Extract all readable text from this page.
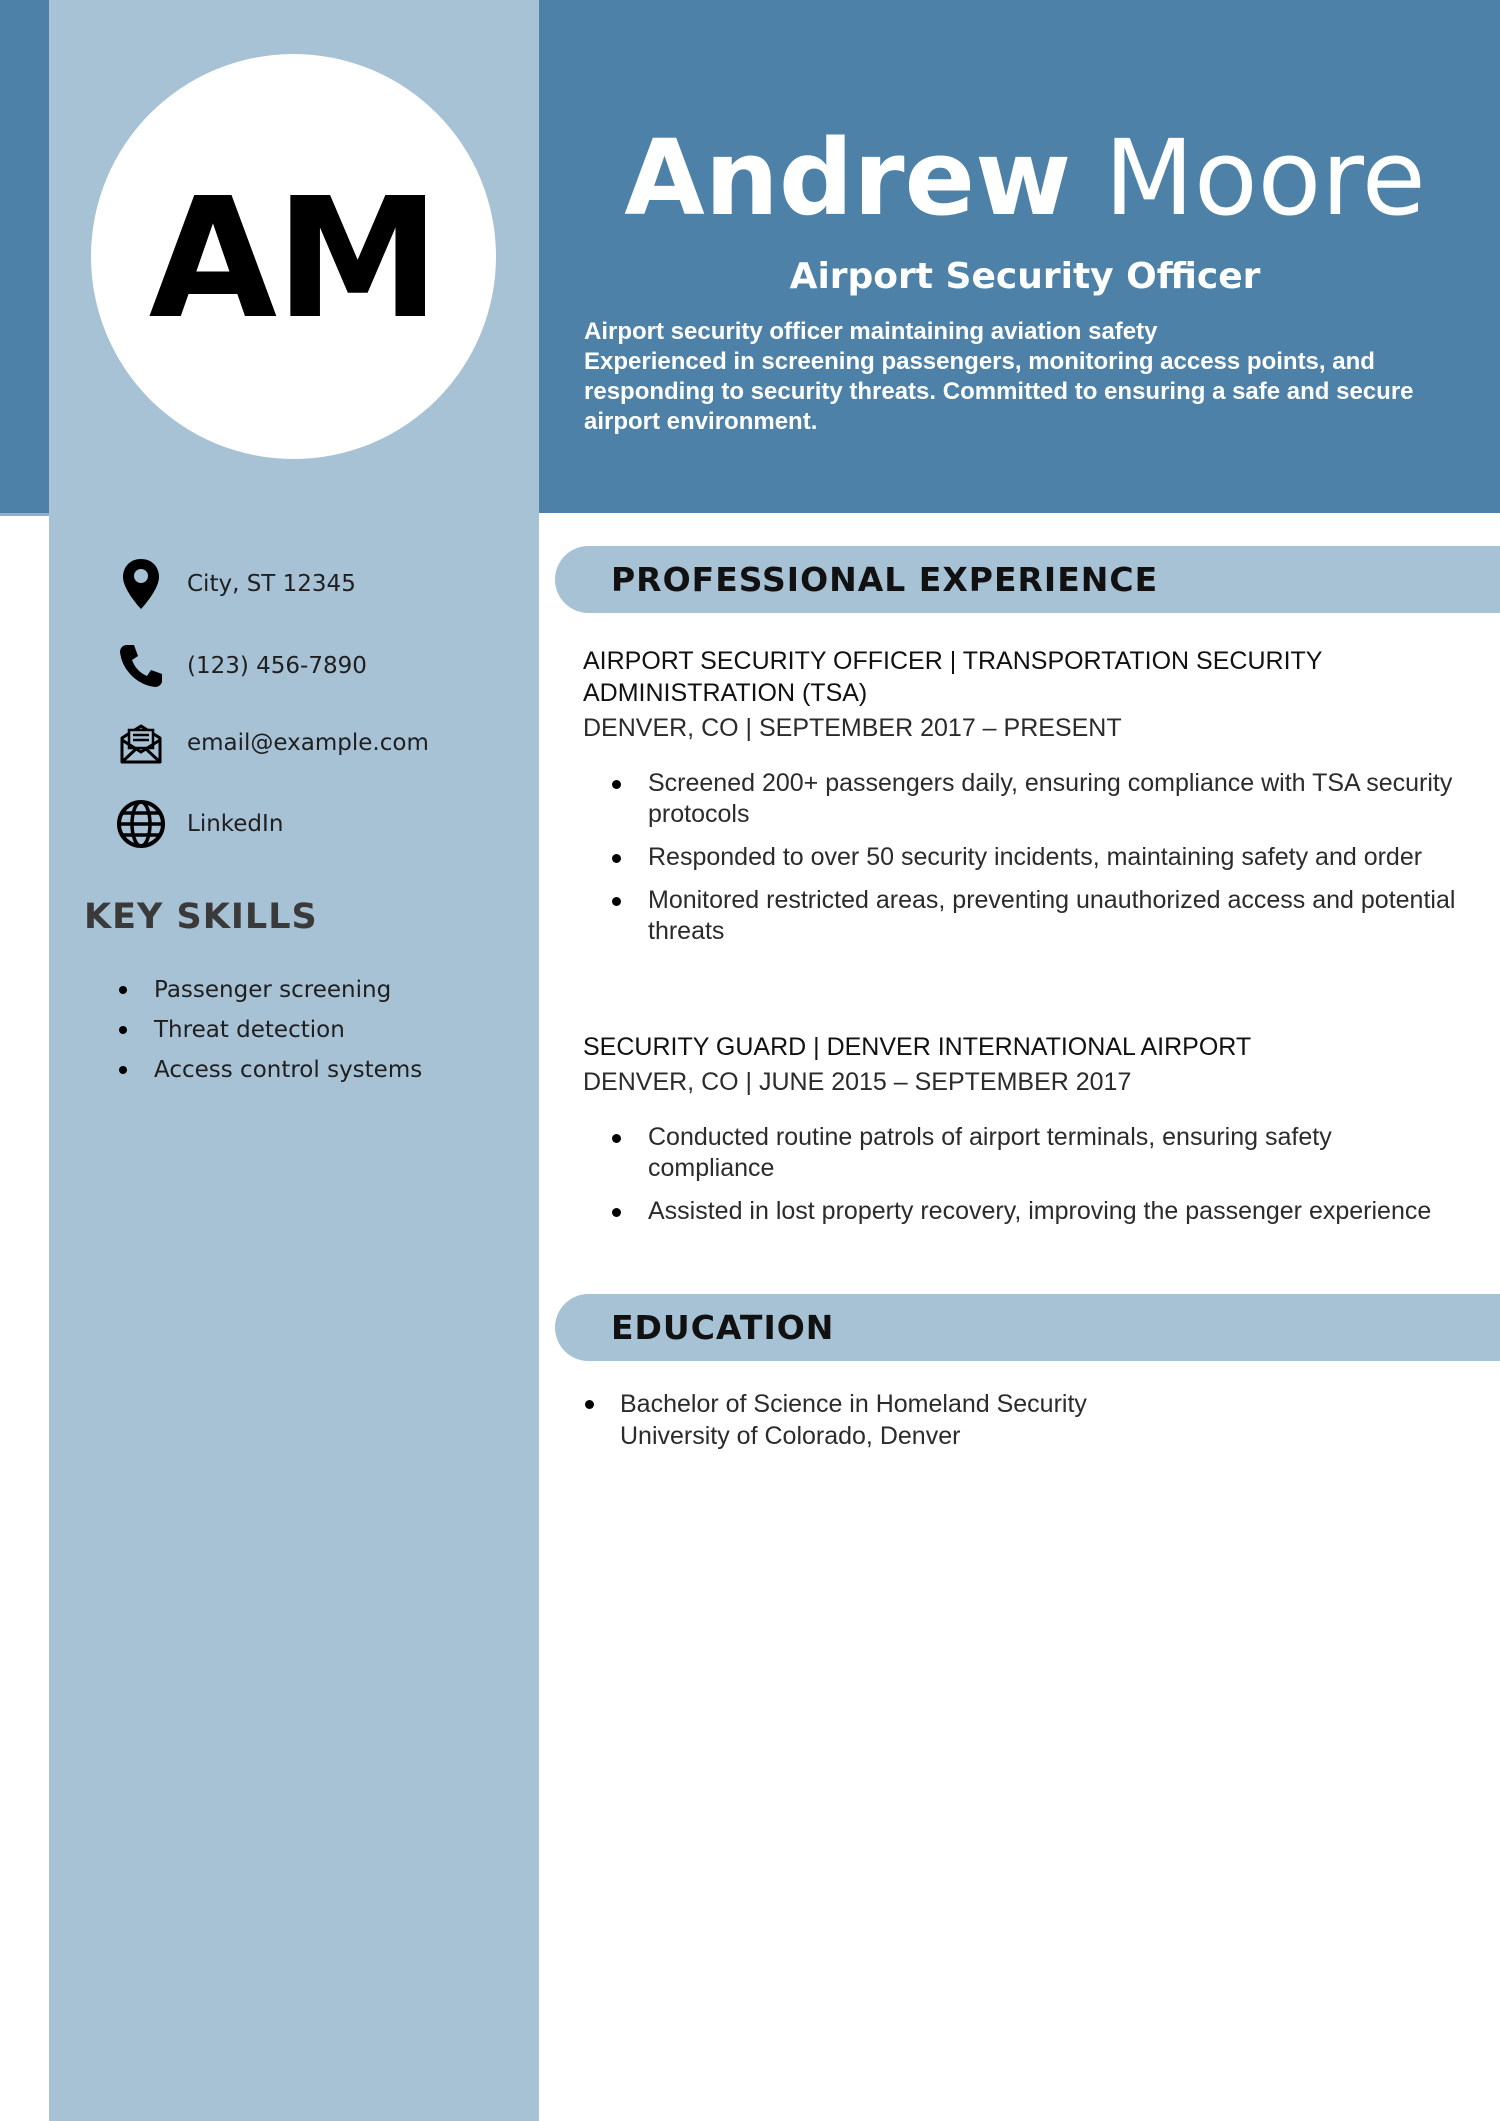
AM	Andrew Moore
Airport Security Officer

Airport security officer maintaining aviation safety

Experienced in screening passengers, monitoring access points, and responding to security threats. Committed to ensuring a safe and secure airport environment.

City, ST 12345
(123) 456-7890
email@example.com
LinkedIn
KEY SKILLS
Passenger screening
Threat detection
Access control systems
PROFESSIONAL EXPERIENCE
AIRPORT SECURITY OFFICER | TRANSPORTATION SECURITY ADMINISTRATION (TSA)
DENVER, CO | SEPTEMBER 2017 – PRESENT
Screened 200+ passengers daily, ensuring compliance with TSA security protocols
Responded to over 50 security incidents, maintaining safety and order
Monitored restricted areas, preventing unauthorized access and potential threats
SECURITY GUARD | DENVER INTERNATIONAL AIRPORT
DENVER, CO | JUNE 2015 – SEPTEMBER 2017
Conducted routine patrols of airport terminals, ensuring safety compliance
Assisted in lost property recovery, improving the passenger experience
EDUCATION
Bachelor of Science in Homeland Security
University of Colorado, Denver
